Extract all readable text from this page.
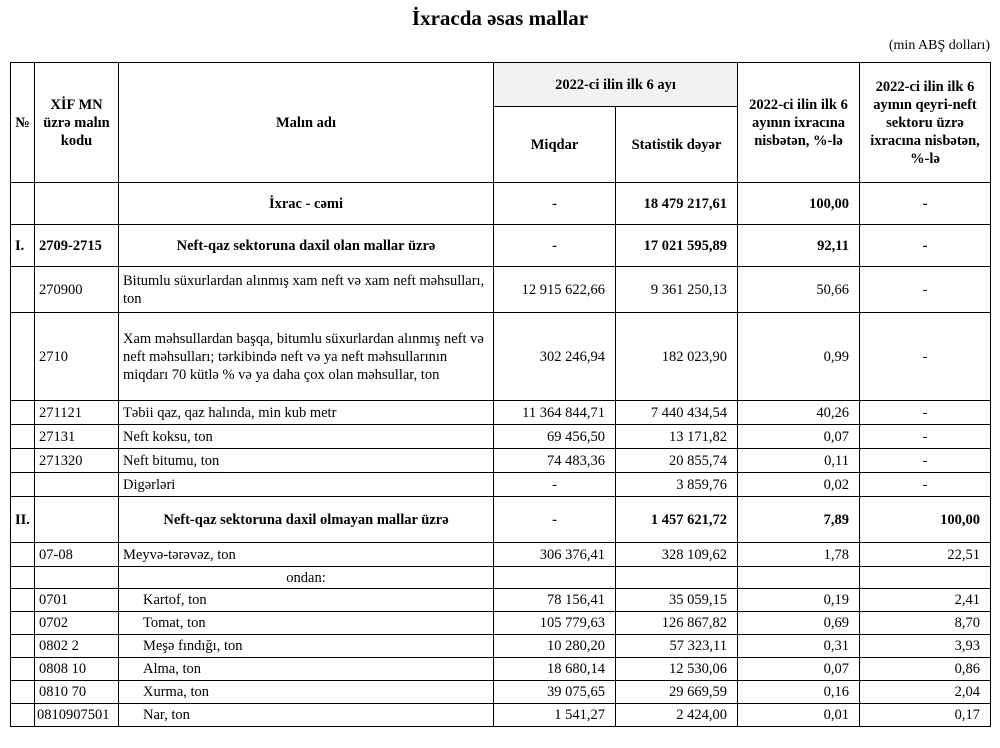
İxracda əsas mallar
(min ABŞ dolları)
№	XİF MN üzrə malın kodu	Malın adı	2022-ci ilin ilk 6 ayı		2022-ci ilin ilk 6 ayının ixracına nisbətən, %-lə	2022-ci ilin ilk 6 ayının qeyri-neft sektoru üzrə ixracına nisbətən, %-lə
			Miqdar	Statistik dəyər		
		İxrac - cəmi	-	18 479 217,61	100,00	-
I.	2709-2715	Neft-qaz sektoruna daxil olan mallar üzrə	-	17 021 595,89	92,11	-
	270900	Bitumlu süxurlardan alınmış xam neft və xam neft məhsulları, ton	12 915 622,66	9 361 250,13	50,66	-
	2710	Xam məhsullardan başqa, bitumlu süxurlardan alınmış neft və neft məhsulları; tərkibində neft və ya neft məhsullarının miqdarı 70 kütlə % və ya daha çox olan məhsullar, ton	302 246,94	182 023,90	0,99	-
	271121	Təbii qaz, qaz halında, min kub metr	11 364 844,71	7 440 434,54	40,26	-
	27131	Neft koksu, ton	69 456,50	13 171,82	0,07	-
	271320	Neft bitumu, ton	74 483,36	20 855,74	0,11	-
		Digərləri	-	3 859,76	0,02	-
II.		Neft-qaz sektoruna daxil olmayan mallar üzrə	-	1 457 621,72	7,89	100,00
	07-08	Meyvə-tərəvəz, ton	306 376,41	328 109,62	1,78	22,51
		ondan:				
	0701	Kartof, ton	78 156,41	35 059,15	0,19	2,41
	0702	Tomat, ton	105 779,63	126 867,82	0,69	8,70
	0802 2	Meşə fındığı, ton	10 280,20	57 323,11	0,31	3,93
	0808 10	Alma, ton	18 680,14	12 530,06	0,07	0,86
	0810 70	Xurma, ton	39 075,65	29 669,59	0,16	2,04
	0810907501	Nar, ton	1 541,27	2 424,00	0,01	0,17
